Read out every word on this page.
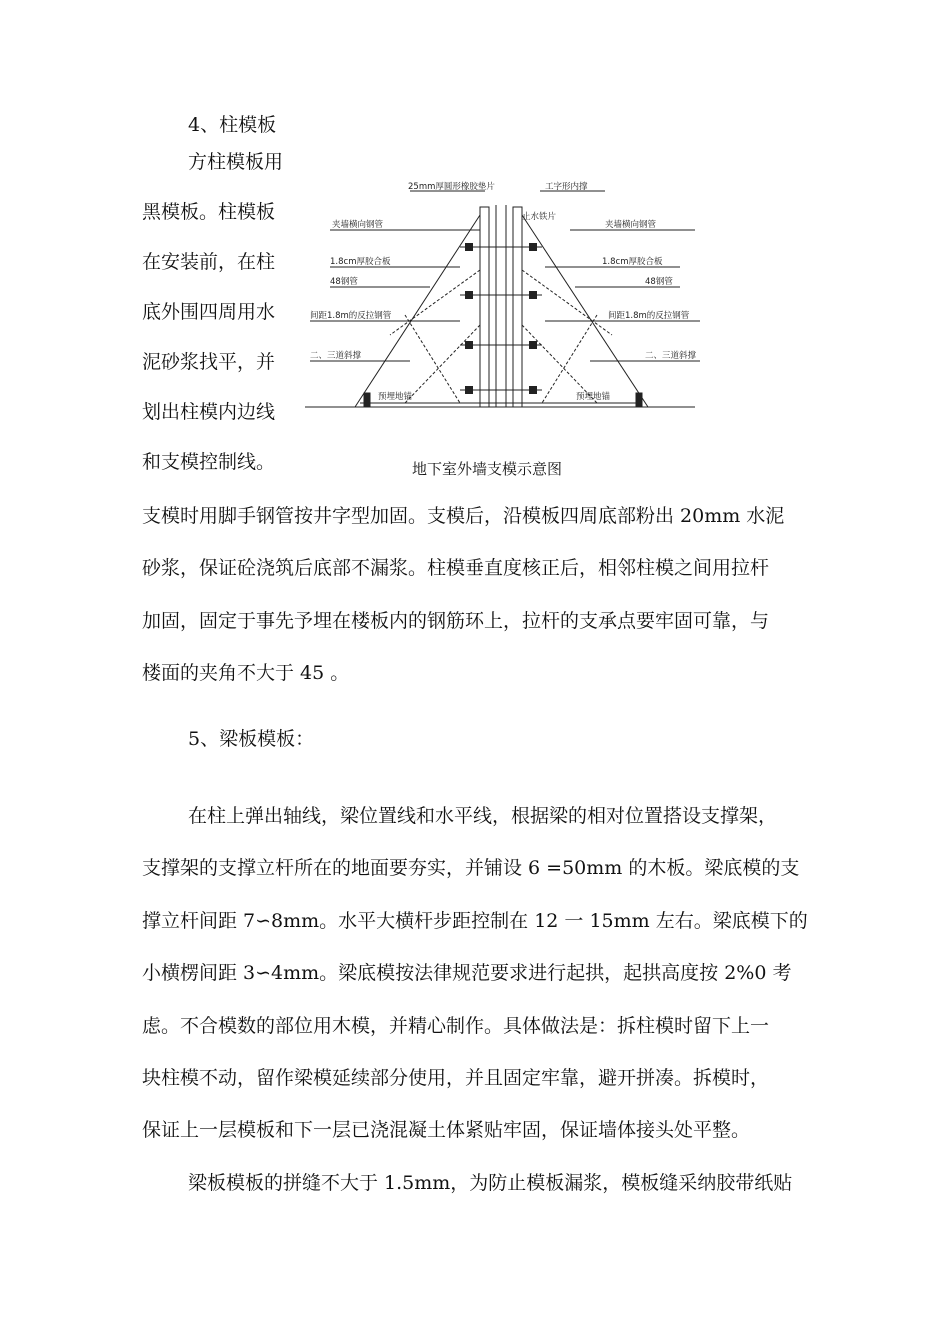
4、柱模板
方柱模板用
黑模板。柱模板
在安装前，在柱
底外围四周用水
泥砂浆找平，并
划出柱模内边线
和支模控制线。
25mm厚圆形橡胶垫片	工字形内撑
止水铁片
夹墙横向钢管	夹墙横向钢管
1.8cm厚胶合板	1.8cm厚胶合板
48钢管	48钢管
间距1.8m的反拉钢管	间距1.8m的反拉钢管
二、三道斜撑	二、三道斜撑
预埋地锚	预埋地锚
地下室外墙支模示意图
支模时用脚手钢管按井字型加固。支模后，沿模板四周底部粉出 20mm 水泥
砂浆，保证砼浇筑后底部不漏浆。柱模垂直度核正后，相邻柱模之间用拉杆
加固，固定于事先予埋在楼板内的钢筋环上，拉杆的支承点要牢固可靠，与
楼面的夹角不大于 45 。
5、梁板模板：
在柱上弹出轴线，梁位置线和水平线，根据梁的相对位置搭设支撑架，
支撑架的支撑立杆所在的地面要夯实，并铺设 6 =50mm 的木板。梁底模的支
撑立杆间距 7∽8mm。水平大横杆步距控制在 12 一 15mm 左右。梁底模下的
小横楞间距 3∽4mm。梁底模按法律规范要求进行起拱，起拱高度按 2%0 考
虑。不合模数的部位用木模，并精心制作。具体做法是：拆柱模时留下上一
块柱模不动，留作梁模延续部分使用，并且固定牢靠，避开拼凑。拆模时，
保证上一层模板和下一层已浇混凝土体紧贴牢固，保证墙体接头处平整。
梁板模板的拼缝不大于 1.5mm，为防止模板漏浆，模板缝采纳胶带纸贴
